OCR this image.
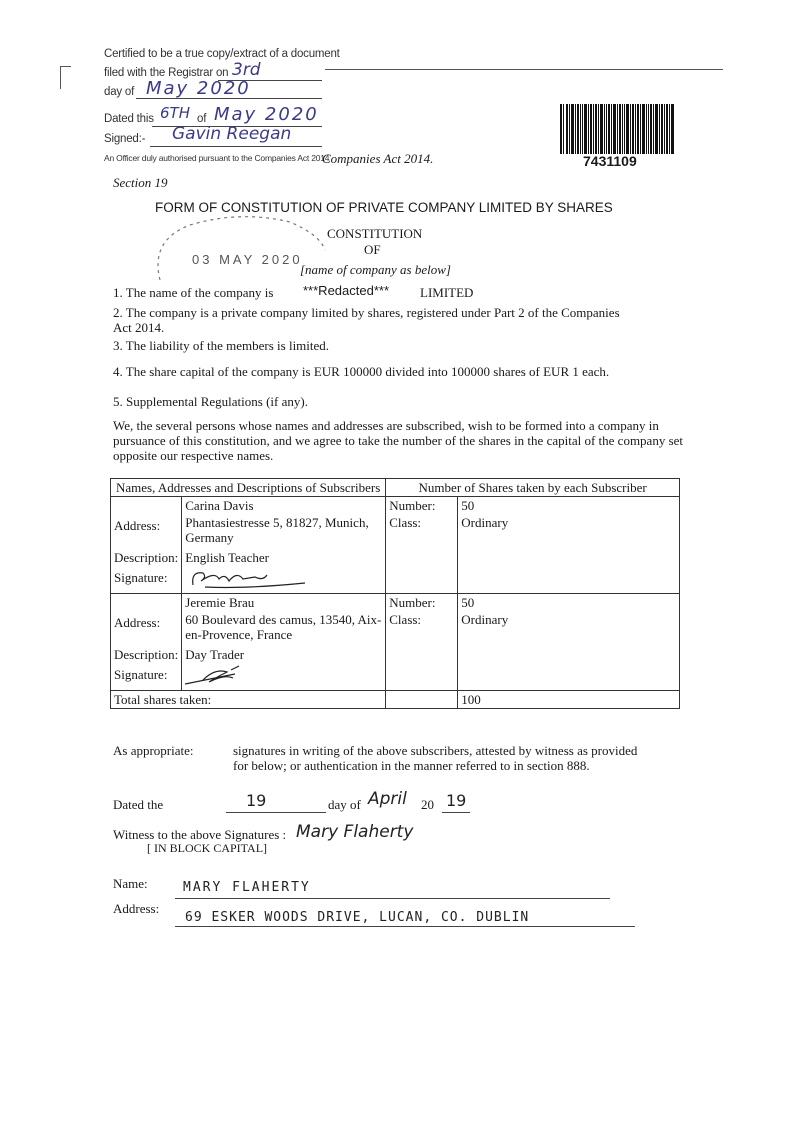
Certified to be a true copy/extract of a document
filed with the Registrar on 3rd
day of May 2020
Dated this 6TH of May 2020
Signed:- Gavin Reegan
An Officer duly authorised pursuant to the Companies Act 2014
Companies Act 2014.	7431109
Section 19
FORM OF CONSTITUTION OF PRIVATE COMPANY LIMITED BY SHARES
CONSTITUTION
OF
03 MAY 2020
[name of company as below]
1. The name of the company is ***Redacted*** LIMITED
2. The company is a private company limited by shares, registered under Part 2 of the Companies
Act 2014.
3. The liability of the members is limited.
4. The share capital of the company is EUR 100000 divided into 100000 shares of EUR 1 each.
5. Supplemental Regulations (if any).
We, the several persons whose names and addresses are subscribed, wish to be formed into a company in
pursuance of this constitution, and we agree to take the number of the shares in the capital of the company set
opposite our respective names.
Names, Addresses and Descriptions of Subscribers		Number of Shares taken by each Subscriber	
	Carina Davis	Number:	50
Address:	Phantasiestresse 5, 81827, Munich, Germany	Class:	Ordinary
Description:	English Teacher		
Signature:			
	Jeremie Brau	Number:	50
Address:	60 Boulevard des camus, 13540, Aix-en-Provence, France	Class:	Ordinary
Description:	Day Trader		
Signature:			
Total shares taken:			100
As appropriate:	signatures in writing of the above subscribers, attested by witness as provided
for below; or authentication in the manner referred to in section 888.
Dated the	19	day of April 20 19
Witness to the above Signatures : Mary Flaherty
[ IN BLOCK CAPITAL]
Name:	MARY FLAHERTY
Address:
69 ESKER WOODS DRIVE, LUCAN, CO. DUBLIN
